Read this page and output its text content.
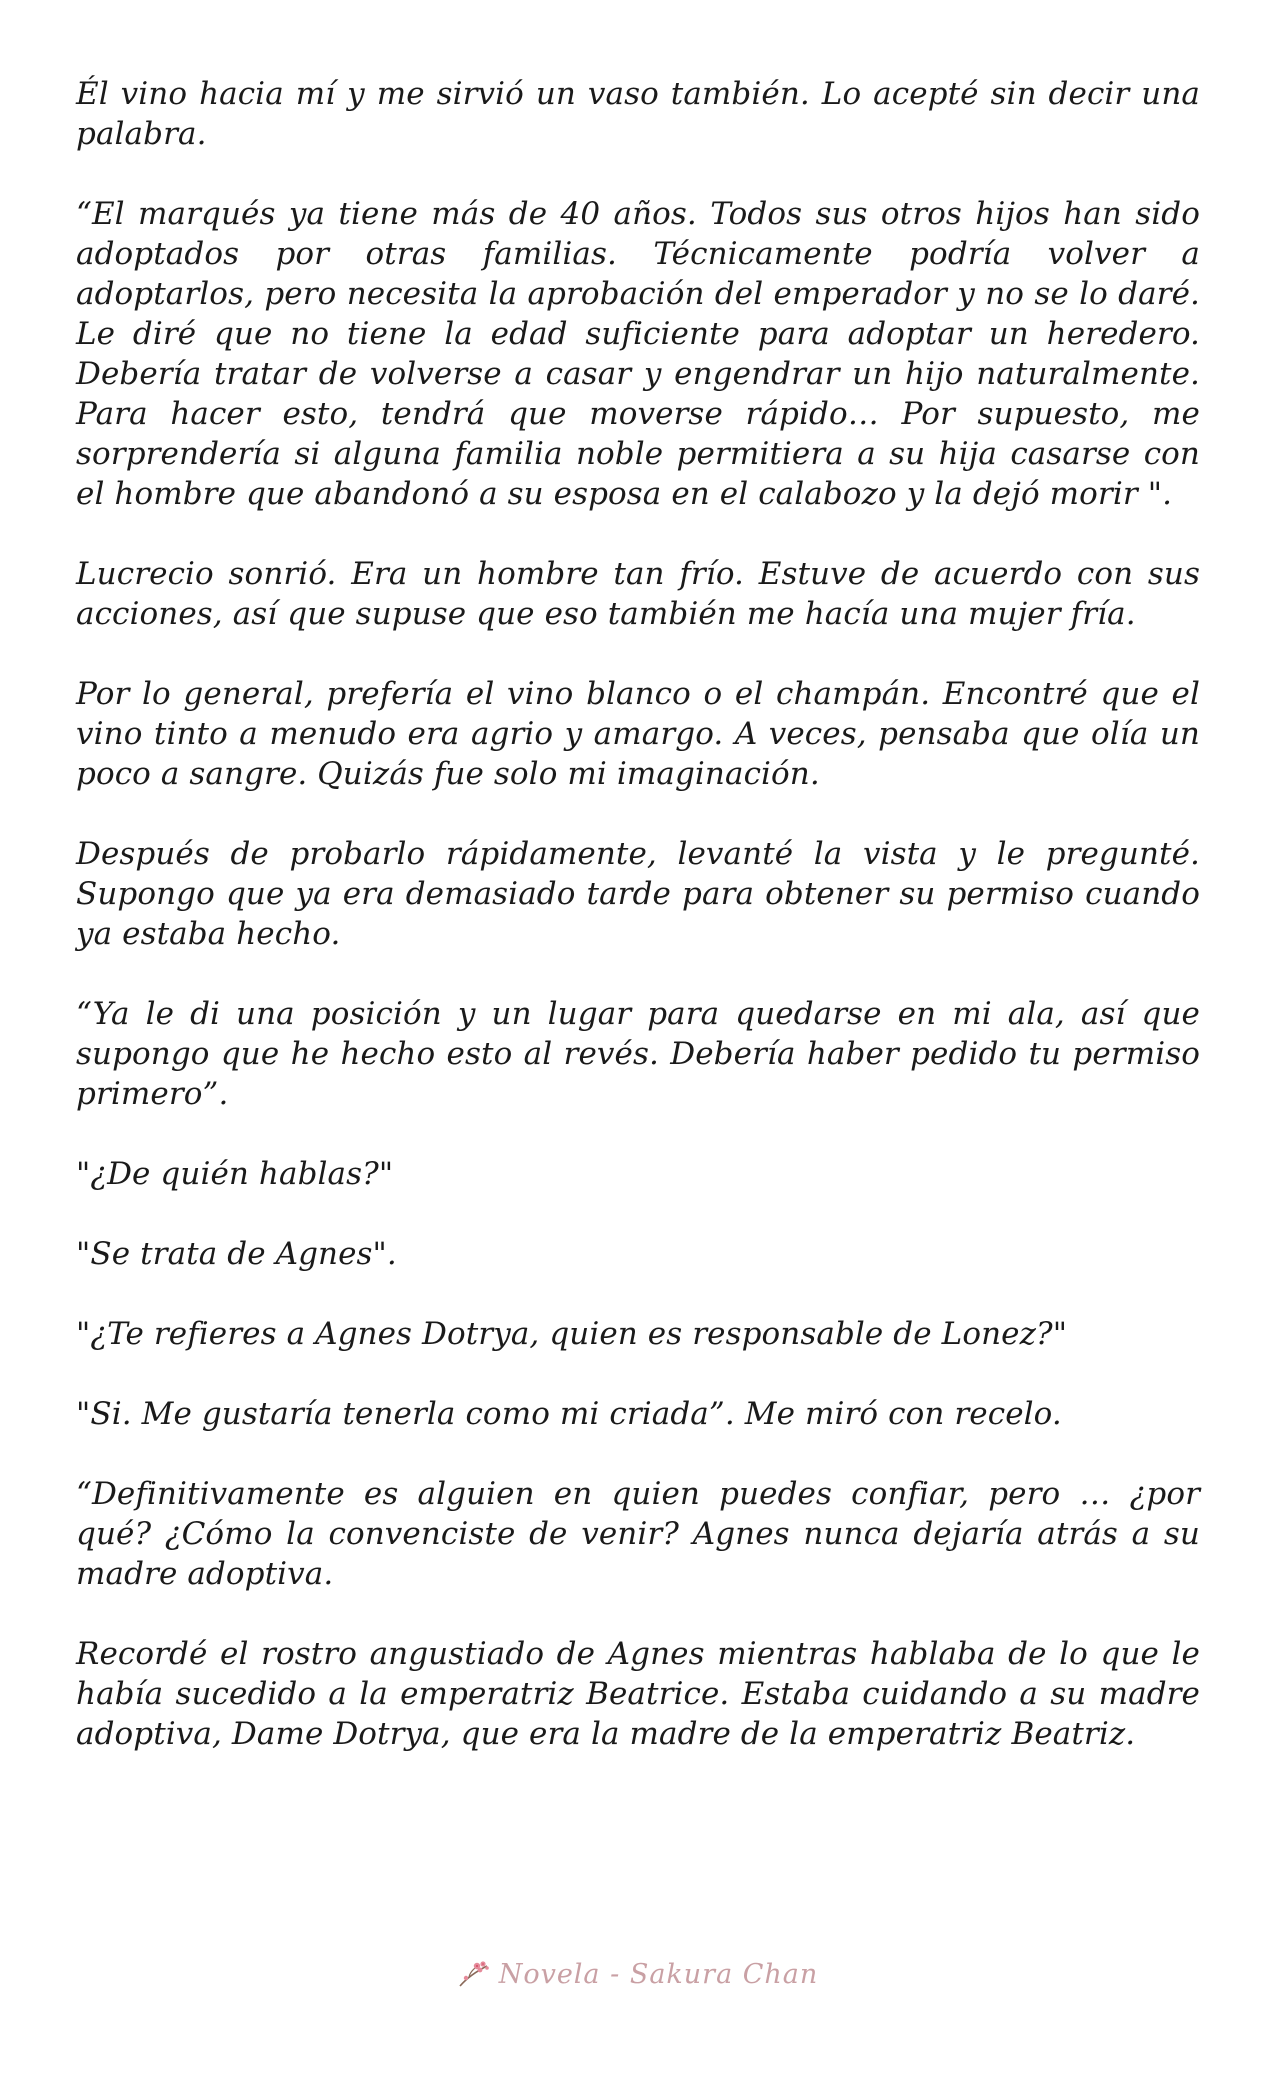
Él vino hacia mí y me sirvió un vaso también. Lo acepté sin decir una palabra.

“El marqués ya tiene más de 40 años. Todos sus otros hijos han sido adoptados por otras familias. Técnicamente podría volver a adoptarlos, pero necesita la aprobación del emperador y no se lo daré. Le diré que no tiene la edad suficiente para adoptar un heredero. Debería tratar de volverse a casar y engendrar un hijo naturalmente. Para hacer esto, tendrá que moverse rápido… Por supuesto, me sorprendería si alguna familia noble permitiera a su hija casarse con el hombre que abandonó a su esposa en el calabozo y la dejó morir ".

Lucrecio sonrió. Era un hombre tan frío. Estuve de acuerdo con sus acciones, así que supuse que eso también me hacía una mujer fría.

Por lo general, prefería el vino blanco o el champán. Encontré que el vino tinto a menudo era agrio y amargo. A veces, pensaba que olía un poco a sangre. Quizás fue solo mi imaginación.

Después de probarlo rápidamente, levanté la vista y le pregunté. Supongo que ya era demasiado tarde para obtener su permiso cuando ya estaba hecho.

“Ya le di una posición y un lugar para quedarse en mi ala, así que supongo que he hecho esto al revés. Debería haber pedido tu permiso primero”.

"¿De quién hablas?"

"Se trata de Agnes".

"¿Te refieres a Agnes Dotrya, quien es responsable de Lonez?"

"Si. Me gustaría tenerla como mi criada”. Me miró con recelo.

“Definitivamente es alguien en quien puedes confiar, pero … ¿por qué? ¿Cómo la convenciste de venir? Agnes nunca dejaría atrás a su madre adoptiva.

Recordé el rostro angustiado de Agnes mientras hablaba de lo que le había sucedido a la emperatriz Beatrice. Estaba cuidando a su madre adoptiva, Dame Dotrya, que era la madre de la emperatriz Beatriz.

Novela - Sakura Chan
